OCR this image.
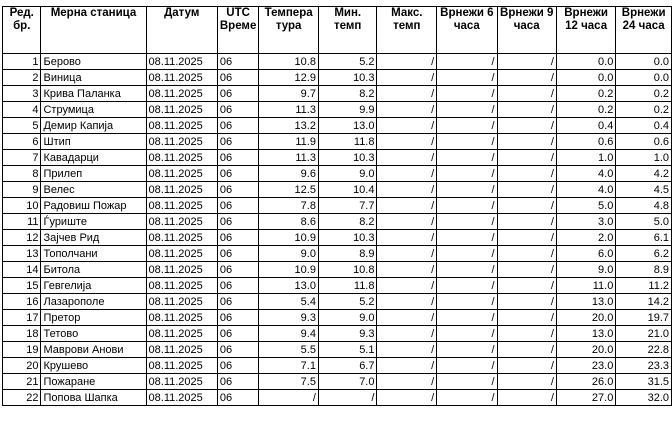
Ред. бр.	Мерна станица	Датум	UTC Време	Темпера тура	Мин. темп	Макс. темп	Врнежи 6 часа	Врнежи 9 часа	Врнежи 12 часа	Врнежи 24 часа
1	Берово	08.11.2025	06	10.8	5.2	/	/	/	0.0	0.0
2	Виница	08.11.2025	06	12.9	10.3	/	/	/	0.0	0.0
3	Крива Паланка	08.11.2025	06	9.7	8.2	/	/	/	0.2	0.2
4	Струмица	08.11.2025	06	11.3	9.9	/	/	/	0.2	0.2
5	Демир Капија	08.11.2025	06	13.2	13.0	/	/	/	0.4	0.4
6	Штип	08.11.2025	06	11.9	11.8	/	/	/	0.6	0.6
7	Кавадарци	08.11.2025	06	11.3	10.3	/	/	/	1.0	1.0
8	Прилеп	08.11.2025	06	9.6	9.0	/	/	/	4.0	4.2
9	Велес	08.11.2025	06	12.5	10.4	/	/	/	4.0	4.5
10	Радовиш Пожар	08.11.2025	06	7.8	7.7	/	/	/	5.0	4.8
11	Ѓуриште	08.11.2025	06	8.6	8.2	/	/	/	3.0	5.0
12	Зајчев Рид	08.11.2025	06	10.9	10.3	/	/	/	2.0	6.1
13	Тополчани	08.11.2025	06	9.0	8.9	/	/	/	6.0	6.2
14	Битола	08.11.2025	06	10.9	10.8	/	/	/	9.0	8.9
15	Гевгелија	08.11.2025	06	13.0	11.8	/	/	/	11.0	11.2
16	Лазарополе	08.11.2025	06	5.4	5.2	/	/	/	13.0	14.2
17	Претор	08.11.2025	06	9.3	9.0	/	/	/	20.0	19.7
18	Тетово	08.11.2025	06	9.4	9.3	/	/	/	13.0	21.0
19	Маврови Анови	08.11.2025	06	5.5	5.1	/	/	/	20.0	22.8
20	Крушево	08.11.2025	06	7.1	6.7	/	/	/	23.0	23.3
21	Пожаране	08.11.2025	06	7.5	7.0	/	/	/	26.0	31.5
22	Попова Шапка	08.11.2025	06	/	/	/	/	/	27.0	32.0
